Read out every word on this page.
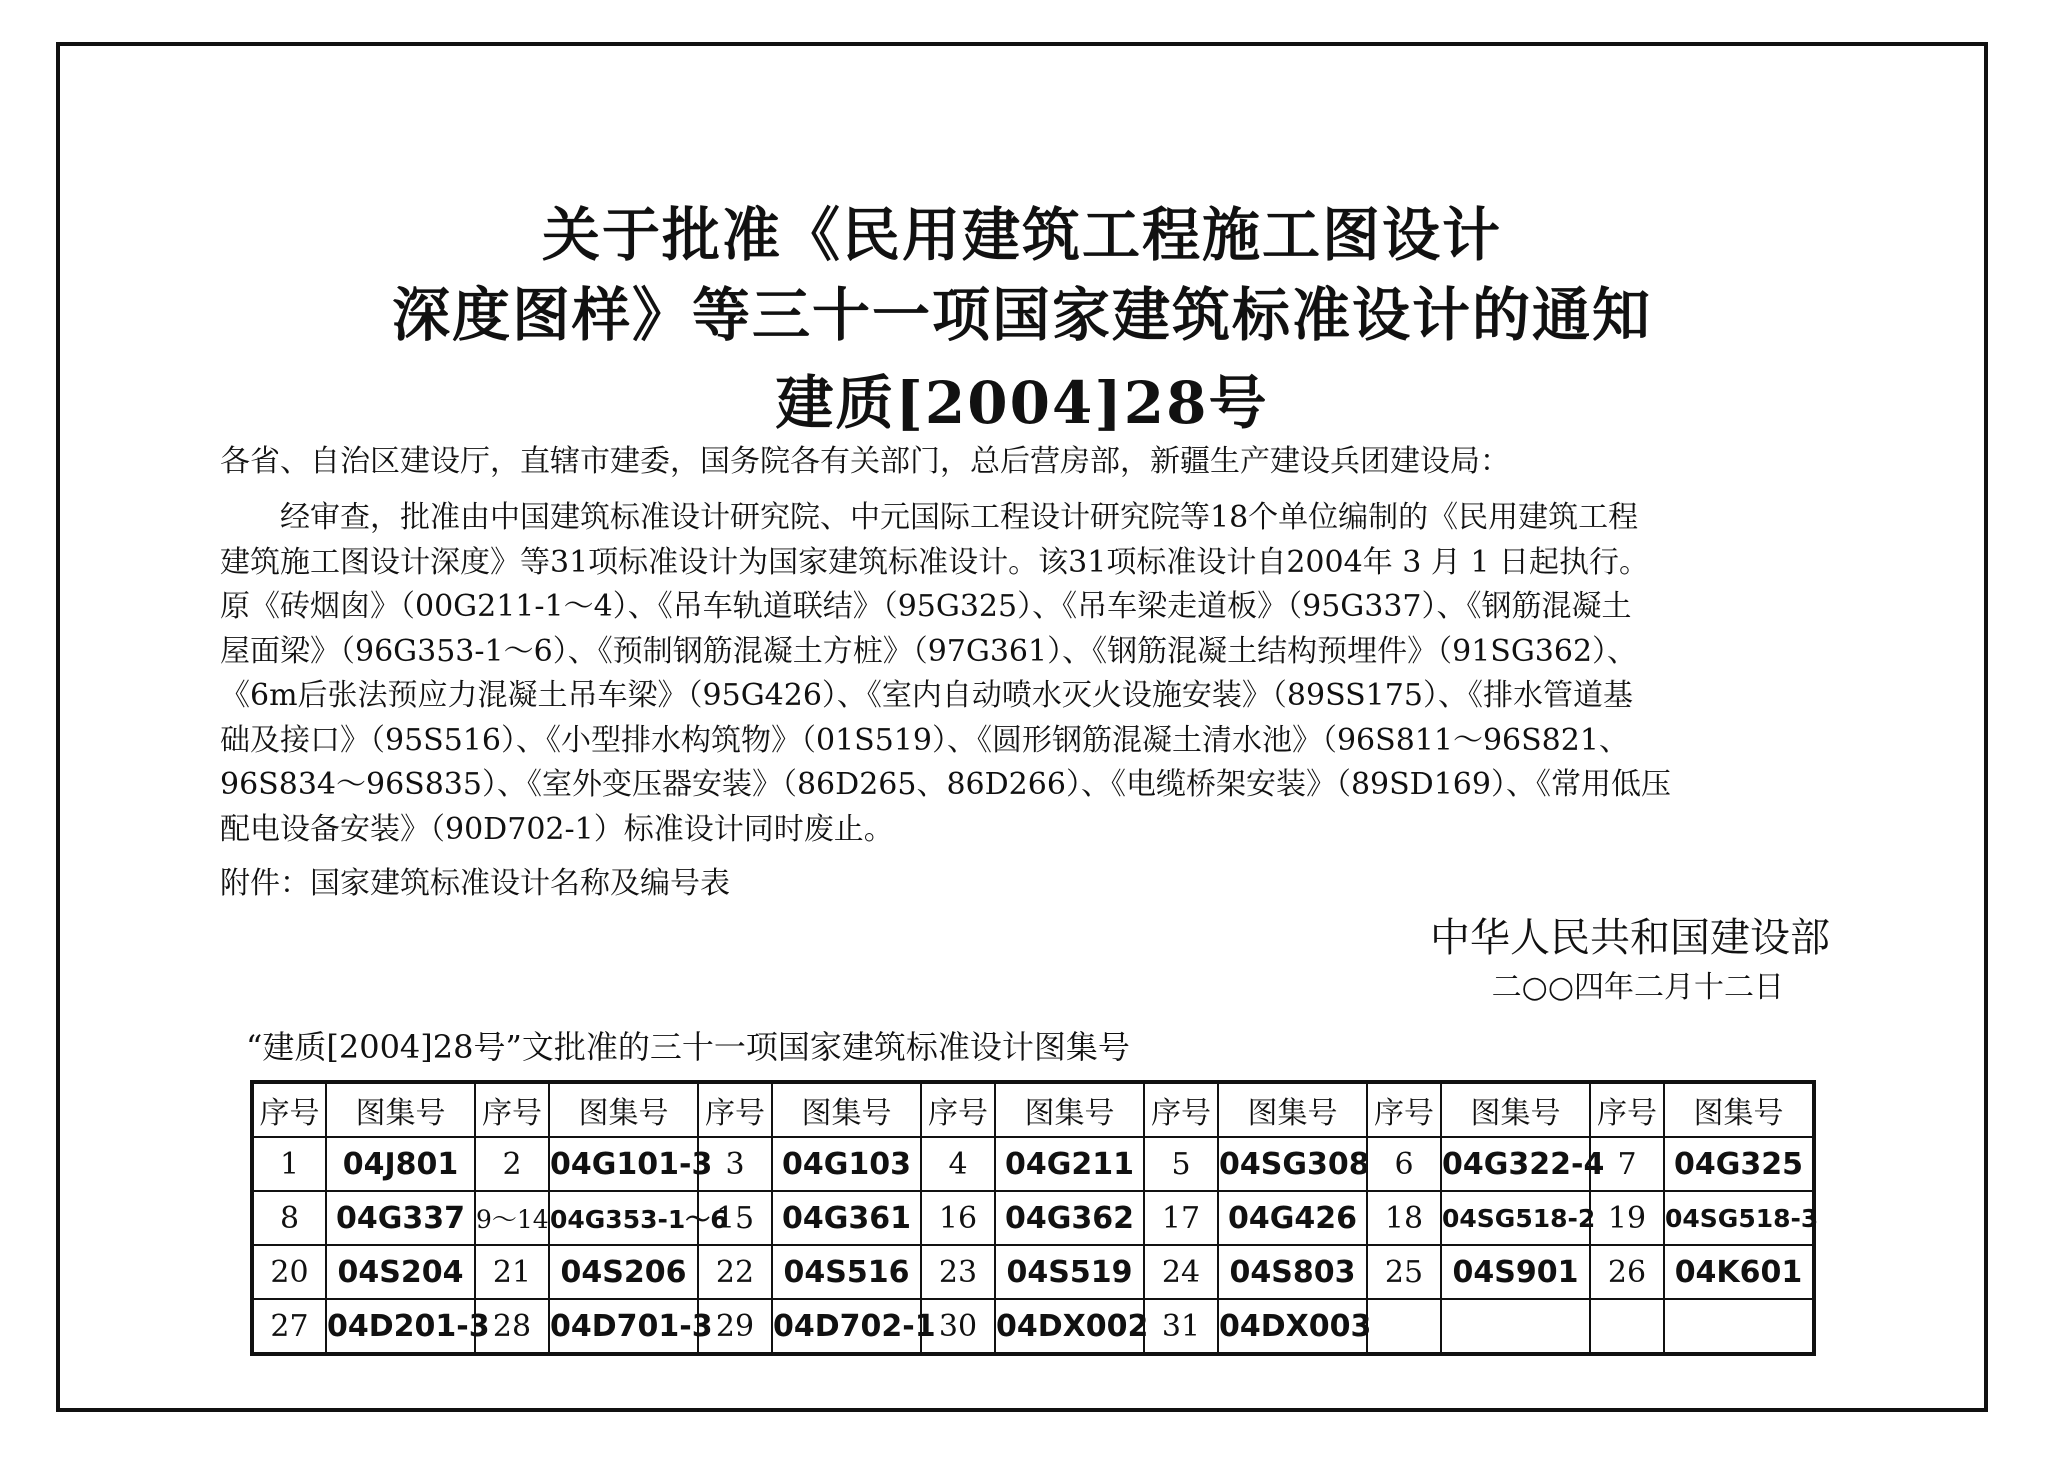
关于批准《民用建筑工程施工图设计
深度图样》等三十一项国家建筑标准设计的通知
建质[2004]28号
各省、自治区建设厅，直辖市建委，国务院各有关部门，总后营房部，新疆生产建设兵团建设局：
经审查，批准由中国建筑标准设计研究院、中元国际工程设计研究院等18个单位编制的《民用建筑工程
建筑施工图设计深度》等31项标准设计为国家建筑标准设计。该31项标准设计自2004年 3 月 1 日起执行。
原《砖烟囱》（00G211-1～4）、《吊车轨道联结》（95G325）、《吊车梁走道板》（95G337）、《钢筋混凝土
屋面梁》（96G353-1～6）、《预制钢筋混凝土方桩》（97G361）、《钢筋混凝土结构预埋件》（91SG362）、
《6m后张法预应力混凝土吊车梁》（95G426）、《室内自动喷水灭火设施安装》（89SS175）、《排水管道基
础及接口》（95S516）、《小型排水构筑物》（01S519）、《圆形钢筋混凝土清水池》（96S811～96S821、
96S834～96S835）、《室外变压器安装》（86D265、86D266）、《电缆桥架安装》（89SD169）、《常用低压
配电设备安装》（90D702-1）标准设计同时废止。
附件：国家建筑标准设计名称及编号表
中华人民共和国建设部
二○○四年二月十二日
“建质[2004]28号”文批准的三十一项国家建筑标准设计图集号
序号	图集号	序号	图集号	序号	图集号	序号	图集号	序号	图集号	序号	图集号	序号	图集号
1	04J801	2	04G101-3	3	04G103	4	04G211	5	04SG308	6	04G322-4	7	04G325
8	04G337	9～14	04G353-1～6	15	04G361	16	04G362	17	04G426	18	04SG518-2	19	04SG518-3
20	04S204	21	04S206	22	04S516	23	04S519	24	04S803	25	04S901	26	04K601
27	04D201-3	28	04D701-3	29	04D702-1	30	04DX002	31	04DX003				
